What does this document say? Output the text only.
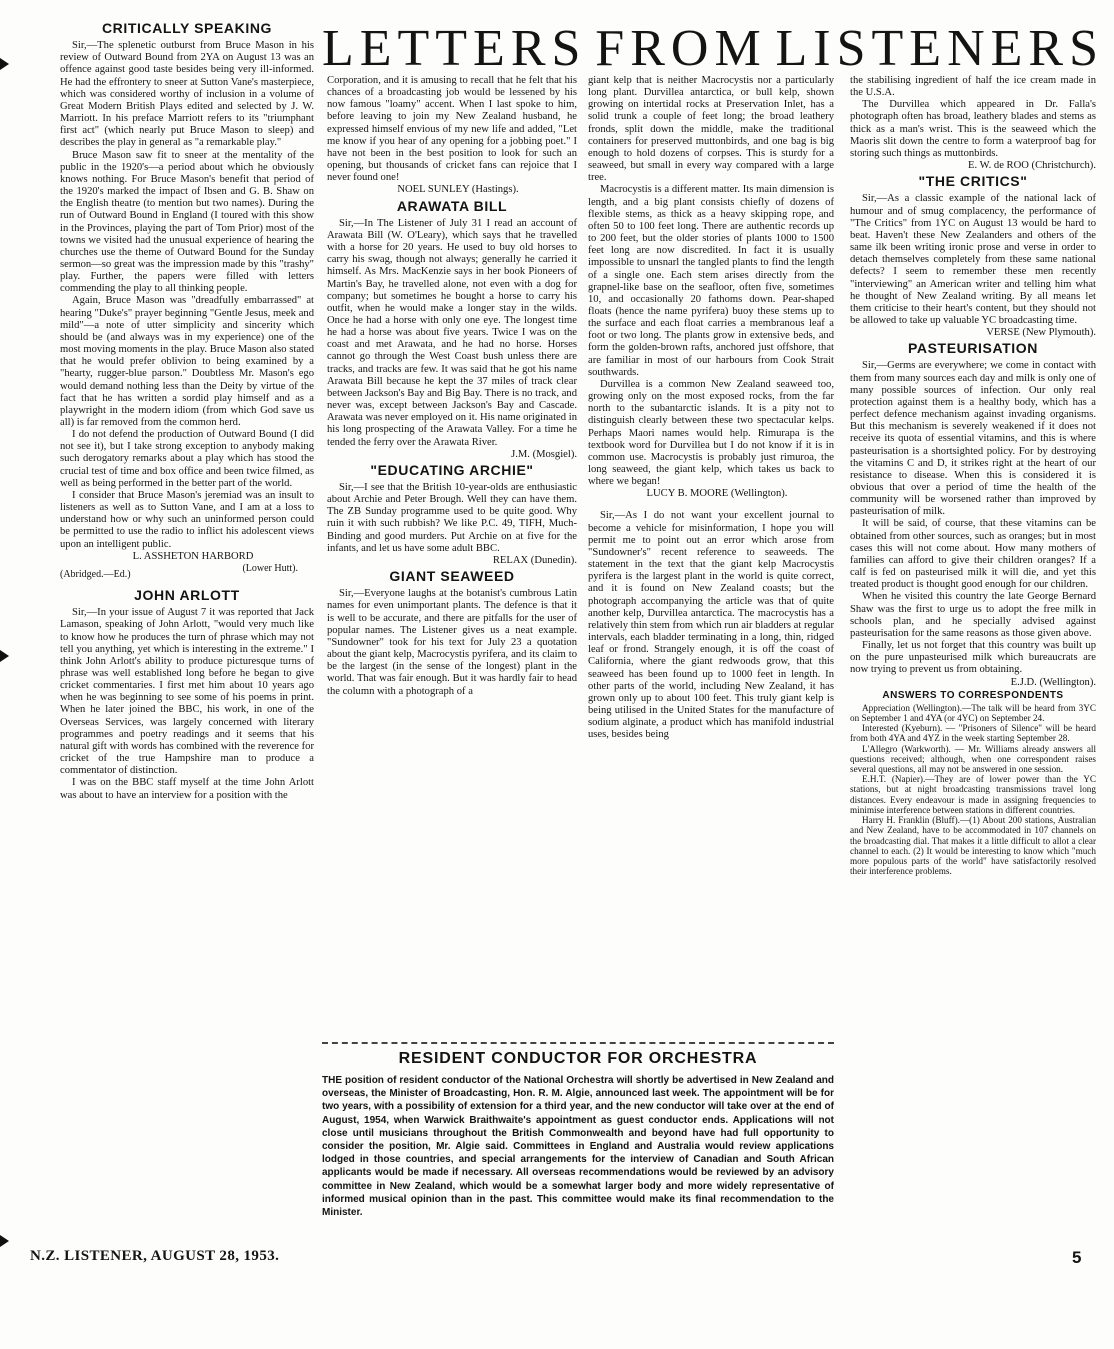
LETTERS FROM LISTENERS
CRITICALLY SPEAKING

Sir,—The splenetic outburst from Bruce Mason in his review of Outward Bound from 2YA on August 13 was an offence against good taste besides being very ill-informed. He had the effrontery to sneer at Sutton Vane's masterpiece, which was considered worthy of inclusion in a volume of Great Modern British Plays edited and selected by J. W. Marriott. In his preface Marriott refers to its "triumphant first act" (which nearly put Bruce Mason to sleep) and describes the play in general as "a remarkable play."

Bruce Mason saw fit to sneer at the mentality of the public in the 1920's—a period about which he obviously knows nothing. For Bruce Mason's benefit that period of the 1920's marked the impact of Ibsen and G. B. Shaw on the English theatre (to mention but two names). During the run of Outward Bound in England (I toured with this show in the Provinces, playing the part of Tom Prior) most of the towns we visited had the unusual experience of hearing the churches use the theme of Outward Bound for the Sunday sermon—so great was the impression made by this "trashy" play. Further, the papers were filled with letters commending the play to all thinking people.

Again, Bruce Mason was "dreadfully embarrassed" at hearing "Duke's" prayer beginning "Gentle Jesus, meek and mild"—a note of utter simplicity and sincerity which should be (and always was in my experience) one of the most moving moments in the play. Bruce Mason also stated that he would prefer oblivion to being examined by a "hearty, rugger-blue parson." Doubtless Mr. Mason's ego would demand nothing less than the Deity by virtue of the fact that he has written a sordid play himself and as a playwright in the modern idiom (from which God save us all) is far removed from the common herd.

I do not defend the production of Outward Bound (I did not see it), but I take strong exception to anybody making such derogatory remarks about a play which has stood the crucial test of time and box office and been twice filmed, as well as being performed in the better part of the world.

I consider that Bruce Mason's jeremiad was an insult to listeners as well as to Sutton Vane, and I am at a loss to understand how or why such an uninformed person could be permitted to use the radio to inflict his adolescent views upon an intelligent public.

L. ASSHETON HARBORD

(Abridged.—Ed.)
(Lower Hutt).
JOHN ARLOTT

Sir,—In your issue of August 7 it was reported that Jack Lamason, speaking of John Arlott, "would very much like to know how he produces the turn of phrase which may not tell you anything, yet which is interesting in the extreme." I think John Arlott's ability to produce picturesque turns of phrase was well established long before he began to give cricket commentaries. I first met him about 10 years ago when he was beginning to see some of his poems in print. When he later joined the BBC, his work, in one of the Overseas Services, was largely concerned with literary programmes and poetry readings and it seems that his natural gift with words has combined with the reverence for cricket of the true Hampshire man to produce a commentator of distinction.

I was on the BBC staff myself at the time John Arlott was about to have an interview for a position with the

Corporation, and it is amusing to recall that he felt that his chances of a broadcasting job would be lessened by his now famous "loamy" accent. When I last spoke to him, before leaving to join my New Zealand husband, he expressed himself envious of my new life and added, "Let me know if you hear of any opening for a jobbing poet." I have not been in the best position to look for such an opening, but thousands of cricket fans can rejoice that I never found one!

NOEL SUNLEY (Hastings).

ARAWATA BILL

Sir,—In The Listener of July 31 I read an account of Arawata Bill (W. O'Leary), which says that he travelled with a horse for 20 years. He used to buy old horses to carry his swag, though not always; generally he carried it himself. As Mrs. MacKenzie says in her book Pioneers of Martin's Bay, he travelled alone, not even with a dog for company; but sometimes he bought a horse to carry his outfit, when he would make a longer stay in the wilds. Once he had a horse with only one eye. The longest time he had a horse was about five years. Twice I was on the coast and met Arawata, and he had no horse. Horses cannot go through the West Coast bush unless there are tracks, and tracks are few. It was said that he got his name Arawata Bill because he kept the 37 miles of track clear between Jackson's Bay and Big Bay. There is no track, and never was, except between Jackson's Bay and Cascade. Arawata was never employed on it. His name originated in his long prospecting of the Arawata Valley. For a time he tended the ferry over the Arawata River.

J.M. (Mosgiel).

"EDUCATING ARCHIE"

Sir,—I see that the British 10-year-olds are enthusiastic about Archie and Peter Brough. Well they can have them. The ZB Sunday programme used to be quite good. Why ruin it with such rubbish? We like P.C. 49, TIFH, Much-Binding and good murders. Put Archie on at five for the infants, and let us have some adult BBC.

RELAX (Dunedin).

GIANT SEAWEED

Sir,—Everyone laughs at the botanist's cumbrous Latin names for even unimportant plants. The defence is that it is well to be accurate, and there are pitfalls for the user of popular names. The Listener gives us a neat example. "Sundowner" took for his text for July 23 a quotation about the giant kelp, Macrocystis pyrifera, and its claim to be the largest (in the sense of the longest) plant in the world. That was fair enough. But it was hardly fair to head the column with a photograph of a

giant kelp that is neither Macrocystis nor a particularly long plant. Durvillea antarctica, or bull kelp, shown growing on intertidal rocks at Preservation Inlet, has a solid trunk a couple of feet long; the broad leathery fronds, split down the middle, make the traditional containers for preserved muttonbirds, and one bag is big enough to hold dozens of corpses. This is sturdy for a seaweed, but small in every way compared with a large tree.

Macrocystis is a different matter. Its main dimension is length, and a big plant consists chiefly of dozens of flexible stems, as thick as a heavy skipping rope, and often 50 to 100 feet long. There are authentic records up to 200 feet, but the older stories of plants 1000 to 1500 feet long are now discredited. In fact it is usually impossible to unsnarl the tangled plants to find the length of a single one. Each stem arises directly from the grapnel-like base on the seafloor, often five, sometimes 10, and occasionally 20 fathoms down. Pear-shaped floats (hence the name pyrifera) buoy these stems up to the surface and each float carries a membranous leaf a foot or two long. The plants grow in extensive beds, and form the golden-brown rafts, anchored just offshore, that are familiar in most of our harbours from Cook Strait southwards.

Durvillea is a common New Zealand seaweed too, growing only on the most exposed rocks, from the far north to the subantarctic islands. It is a pity not to distinguish clearly between these two spectacular kelps. Perhaps Maori names would help. Rimurapa is the textbook word for Durvillea but I do not know if it is in common use. Macrocystis is probably just rimuroa, the long seaweed, the giant kelp, which takes us back to where we began!

LUCY B. MOORE (Wellington).

Sir,—As I do not want your excellent journal to become a vehicle for misinformation, I hope you will permit me to point out an error which arose from "Sundowner's" recent reference to seaweeds. The statement in the text that the giant kelp Macrocystis pyrifera is the largest plant in the world is quite correct, and it is found on New Zealand coasts; but the photograph accompanying the article was that of quite another kelp, Durvillea antarctica. The macrocystis has a relatively thin stem from which run air bladders at regular intervals, each bladder terminating in a long, thin, ridged leaf or frond. Strangely enough, it is off the coast of California, where the giant redwoods grow, that this seaweed has been found up to 1000 feet in length. In other parts of the world, including New Zealand, it has grown only up to about 100 feet. This truly giant kelp is being utilised in the United States for the manufacture of sodium alginate, a product which has manifold industrial uses, besides being

the stabilising ingredient of half the ice cream made in the U.S.A.

The Durvillea which appeared in Dr. Falla's photograph often has broad, leathery blades and stems as thick as a man's wrist. This is the seaweed which the Maoris slit down the centre to form a waterproof bag for storing such things as muttonbirds.

E. W. de ROO (Christchurch).

"THE CRITICS"

Sir,—As a classic example of the national lack of humour and of smug complacency, the performance of "The Critics" from 1YC on August 13 would be hard to beat. Haven't these New Zealanders and others of the same ilk been writing ironic prose and verse in order to detach themselves completely from these same national defects? I seem to remember these men recently "interviewing" an American writer and telling him what he thought of New Zealand writing. By all means let them criticise to their heart's content, but they should not be allowed to take up valuable YC broadcasting time.

VERSE (New Plymouth).

PASTEURISATION

Sir,—Germs are everywhere; we come in contact with them from many sources each day and milk is only one of many possible sources of infection. Our only real protection against them is a healthy body, which has a perfect defence mechanism against invading organisms. But this mechanism is severely weakened if it does not receive its quota of essential vitamins, and this is where pasteurisation is a shortsighted policy. For by destroying the vitamins C and D, it strikes right at the heart of our resistance to disease. When this is considered it is obvious that over a period of time the health of the community will be worsened rather than improved by pasteurisation of milk.

It will be said, of course, that these vitamins can be obtained from other sources, such as oranges; but in most cases this will not come about. How many mothers of families can afford to give their children oranges? If a calf is fed on pasteurised milk it will die, and yet this treated product is thought good enough for our children.

When he visited this country the late George Bernard Shaw was the first to urge us to adopt the free milk in schools plan, and he specially advised against pasteurisation for the same reasons as those given above.

Finally, let us not forget that this country was built up on the pure unpasteurised milk which bureaucrats are now trying to prevent us from obtaining.

E.J.D. (Wellington).

ANSWERS TO CORRESPONDENTS

Appreciation (Wellington).—The talk will be heard from 3YC on September 1 and 4YA (or 4YC) on September 24.

Interested (Kyeburn). — "Prisoners of Silence" will be heard from both 4YA and 4YZ in the week starting September 28.

L'Allegro (Warkworth). — Mr. Williams already answers all questions received; although, when one correspondent raises several questions, all may not be answered in one session.

E.H.T. (Napier).—They are of lower power than the YC stations, but at night broadcasting transmissions travel long distances. Every endeavour is made in assigning frequencies to minimise interference between stations in different countries.

Harry H. Franklin (Bluff).—(1) About 200 stations, Australian and New Zealand, have to be accommodated in 107 channels on the broadcasting dial. That makes it a little difficult to allot a clear channel to each. (2) It would be interesting to know which "much more populous parts of the world" have satisfactorily resolved their interference problems.

RESIDENT CONDUCTOR FOR ORCHESTRA
THE position of resident conductor of the National Orchestra will shortly be advertised in New Zealand and overseas, the Minister of Broadcasting, Hon. R. M. Algie, announced last week. The appointment will be for two years, with a possibility of extension for a third year, and the new conductor will take over at the end of August, 1954, when Warwick Braithwaite's appointment as guest conductor ends. Applications will not close until musicians throughout the British Commonwealth and beyond have had full opportunity to consider the position, Mr. Algie said. Committees in England and Australia would review applications lodged in those countries, and special arrangements for the interview of Canadian and South African applicants would be made if necessary. All overseas recommendations would be reviewed by an advisory committee in New Zealand, which would be a somewhat larger body and more widely representative of informed musical opinion than in the past. This committee would make its final recommendation to the Minister.
N.Z. LISTENER, AUGUST 28, 1953.	5
